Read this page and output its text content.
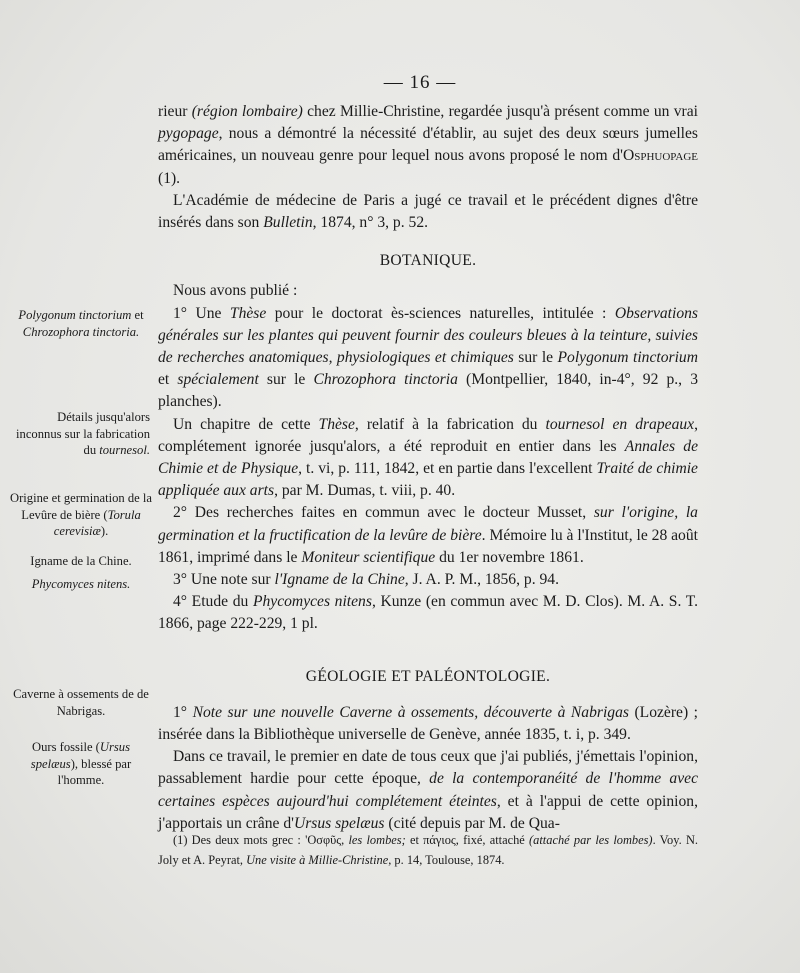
— 16 —

rieur (région lombaire) chez Millie-Christine, regardée jusqu'à présent comme un vrai pygopage, nous a démontré la nécessité d'établir, au sujet des deux sœurs jumelles américaines, un nouveau genre pour lequel nous avons proposé le nom d'Osphuopage (1).

L'Académie de médecine de Paris a jugé ce travail et le précédent dignes d'être insérés dans son Bulletin, 1874, n° 3, p. 52.

BOTANIQUE.

Nous avons publié :

1° Une Thèse pour le doctorat ès-sciences naturelles, intitulée : Observations générales sur les plantes qui peuvent fournir des couleurs bleues à la teinture, suivies de recherches anatomiques, physiologiques et chimiques sur le Polygonum tinctorium et spécialement sur le Chrozophora tinctoria (Montpellier, 1840, in-4°, 92 p., 3 planches).

Un chapitre de cette Thèse, relatif à la fabrication du tournesol en drapeaux, complétement ignorée jusqu'alors, a été reproduit en entier dans les Annales de Chimie et de Physique, t. vi, p. 111, 1842, et en partie dans l'excellent Traité de chimie appliquée aux arts, par M. Dumas, t. viii, p. 40.

2° Des recherches faites en commun avec le docteur Musset, sur l'origine, la germination et la fructification de la levûre de bière. Mémoire lu à l'Institut, le 28 août 1861, imprimé dans le Moniteur scientifique du 1er novembre 1861.

3° Une note sur l'Igname de la Chine, J. A. P. M., 1856, p. 94.

4° Etude du Phycomyces nitens, Kunze (en commun avec M. D. Clos). M. A. S. T. 1866, page 222-229, 1 pl.

GÉOLOGIE ET PALÉONTOLOGIE.

1° Note sur une nouvelle Caverne à ossements, découverte à Nabrigas (Lozère) ; insérée dans la Bibliothèque universelle de Genève, année 1835, t. i, p. 349.

Dans ce travail, le premier en date de tous ceux que j'ai publiés, j'émettais l'opinion, passablement hardie pour cette époque, de la contemporanéité de l'homme avec certaines espèces aujourd'hui complétement éteintes, et à l'appui de cette opinion, j'apportais un crâne d'Ursus spelæus (cité depuis par M. de Qua-

Polygonum tinctorium et Chrozophora tinctoria.
Détails jusqu'alors inconnus sur la fabrication du tournesol.
Origine et germination de la Levûre de bière (Torula cerevisiæ).
Igname de la Chine.
Phycomyces nitens.
Caverne à ossements de de Nabrigas.
Ours fossile (Ursus spelæus), blessé par l'homme.

(1) Des deux mots grec : 'Οσφῦς, les lombes; et πάγιος, fixé, attaché (attaché par les lombes). Voy. N. Joly et A. Peyrat, Une visite à Millie-Christine, p. 14, Toulouse, 1874.
